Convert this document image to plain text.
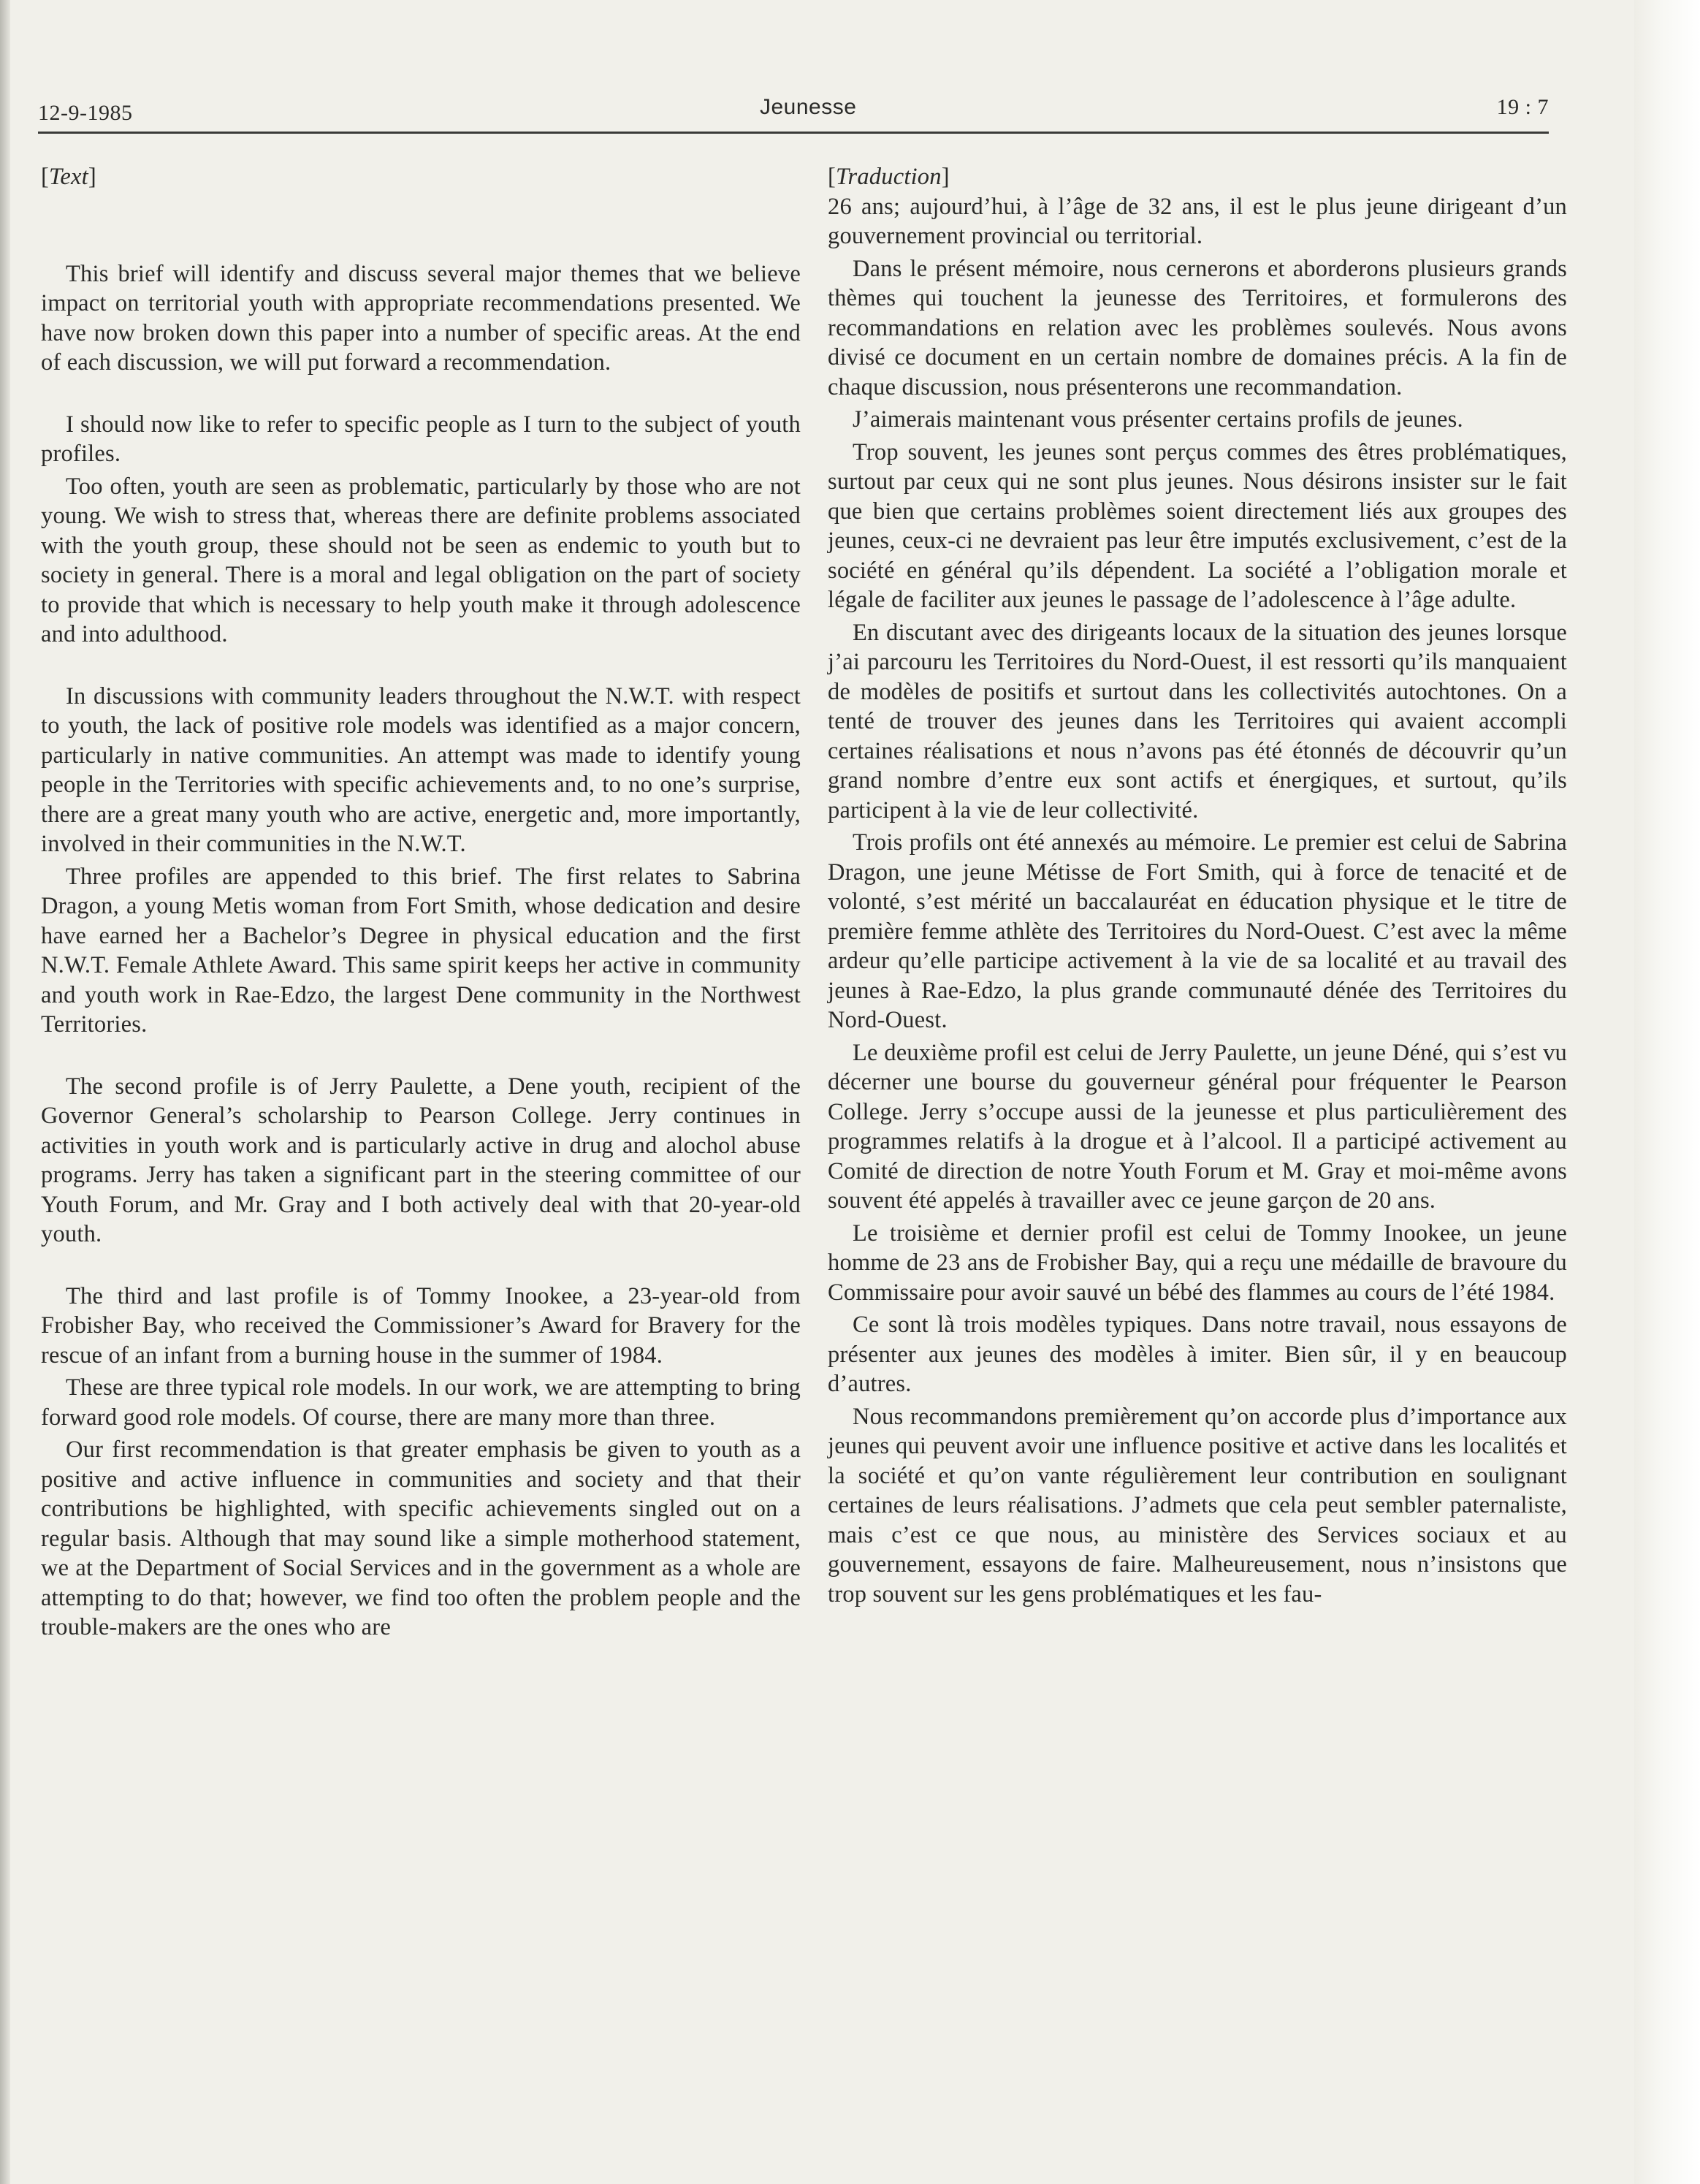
12-9-1985	Jeunesse	19 : 7

[Text]

This brief will identify and discuss several major themes that we believe impact on territorial youth with appropriate recommendations presented. We have now broken down this paper into a number of specific areas. At the end of each discussion, we will put forward a recommendation.

I should now like to refer to specific people as I turn to the subject of youth profiles.

Too often, youth are seen as problematic, particularly by those who are not young. We wish to stress that, whereas there are definite problems associated with the youth group, these should not be seen as endemic to youth but to society in general. There is a moral and legal obligation on the part of society to provide that which is necessary to help youth make it through adolescence and into adulthood.

In discussions with community leaders throughout the N.W.T. with respect to youth, the lack of positive role models was identified as a major concern, particularly in native communities. An attempt was made to identify young people in the Territories with specific achievements and, to no one’s surprise, there are a great many youth who are active, energetic and, more importantly, involved in their communities in the N.W.T.

Three profiles are appended to this brief. The first relates to Sabrina Dragon, a young Metis woman from Fort Smith, whose dedication and desire have earned her a Bachelor’s Degree in physical education and the first N.W.T. Female Athlete Award. This same spirit keeps her active in community and youth work in Rae-Edzo, the largest Dene community in the Northwest Territories.

The second profile is of Jerry Paulette, a Dene youth, recipient of the Governor General’s scholarship to Pearson College. Jerry continues in activities in youth work and is particularly active in drug and alochol abuse programs. Jerry has taken a significant part in the steering committee of our Youth Forum, and Mr. Gray and I both actively deal with that 20-year-old youth.

The third and last profile is of Tommy Inookee, a 23-year-old from Frobisher Bay, who received the Commissioner’s Award for Bravery for the rescue of an infant from a burning house in the summer of 1984.

These are three typical role models. In our work, we are attempting to bring forward good role models. Of course, there are many more than three.

Our first recommendation is that greater emphasis be given to youth as a positive and active influence in communities and society and that their contributions be highlighted, with specific achievements singled out on a regular basis. Although that may sound like a simple motherhood statement, we at the Department of Social Services and in the government as a whole are attempting to do that; however, we find too often the problem people and the trouble-makers are the ones who are

[Traduction]

26 ans; aujourd’hui, à l’âge de 32 ans, il est le plus jeune dirigeant d’un gouvernement provincial ou territorial.

Dans le présent mémoire, nous cernerons et aborderons plusieurs grands thèmes qui touchent la jeunesse des Territoires, et formulerons des recommandations en relation avec les problèmes soulevés. Nous avons divisé ce document en un certain nombre de domaines précis. A la fin de chaque discussion, nous présenterons une recommandation.

J’aimerais maintenant vous présenter certains profils de jeunes.

Trop souvent, les jeunes sont perçus commes des êtres problématiques, surtout par ceux qui ne sont plus jeunes. Nous désirons insister sur le fait que bien que certains problèmes soient directement liés aux groupes des jeunes, ceux-ci ne devraient pas leur être imputés exclusivement, c’est de la société en général qu’ils dépendent. La société a l’obligation morale et légale de faciliter aux jeunes le passage de l’adolescence à l’âge adulte.

En discutant avec des dirigeants locaux de la situation des jeunes lorsque j’ai parcouru les Territoires du Nord-Ouest, il est ressorti qu’ils manquaient de modèles de positifs et surtout dans les collectivités autochtones. On a tenté de trouver des jeunes dans les Territoires qui avaient accompli certaines réalisations et nous n’avons pas été étonnés de découvrir qu’un grand nombre d’entre eux sont actifs et énergiques, et surtout, qu’ils participent à la vie de leur collectivité.

Trois profils ont été annexés au mémoire. Le premier est celui de Sabrina Dragon, une jeune Métisse de Fort Smith, qui à force de tenacité et de volonté, s’est mérité un baccalauréat en éducation physique et le titre de première femme athlète des Territoires du Nord-Ouest. C’est avec la même ardeur qu’elle participe activement à la vie de sa localité et au travail des jeunes à Rae-Edzo, la plus grande communauté dénée des Territoires du Nord-Ouest.

Le deuxième profil est celui de Jerry Paulette, un jeune Déné, qui s’est vu décerner une bourse du gouverneur général pour fréquenter le Pearson College. Jerry s’occupe aussi de la jeunesse et plus particulièrement des programmes relatifs à la drogue et à l’alcool. Il a participé activement au Comité de direction de notre Youth Forum et M. Gray et moi-même avons souvent été appelés à travailler avec ce jeune garçon de 20 ans.

Le troisième et dernier profil est celui de Tommy Inookee, un jeune homme de 23 ans de Frobisher Bay, qui a reçu une médaille de bravoure du Commissaire pour avoir sauvé un bébé des flammes au cours de l’été 1984.

Ce sont là trois modèles typiques. Dans notre travail, nous essayons de présenter aux jeunes des modèles à imiter. Bien sûr, il y en beaucoup d’autres.

Nous recommandons premièrement qu’on accorde plus d’importance aux jeunes qui peuvent avoir une influence positive et active dans les localités et la société et qu’on vante régulièrement leur contribution en soulignant certaines de leurs réalisations. J’admets que cela peut sembler paternaliste, mais c’est ce que nous, au ministère des Services sociaux et au gouvernement, essayons de faire. Malheureusement, nous n’insistons que trop souvent sur les gens problématiques et les fau-
